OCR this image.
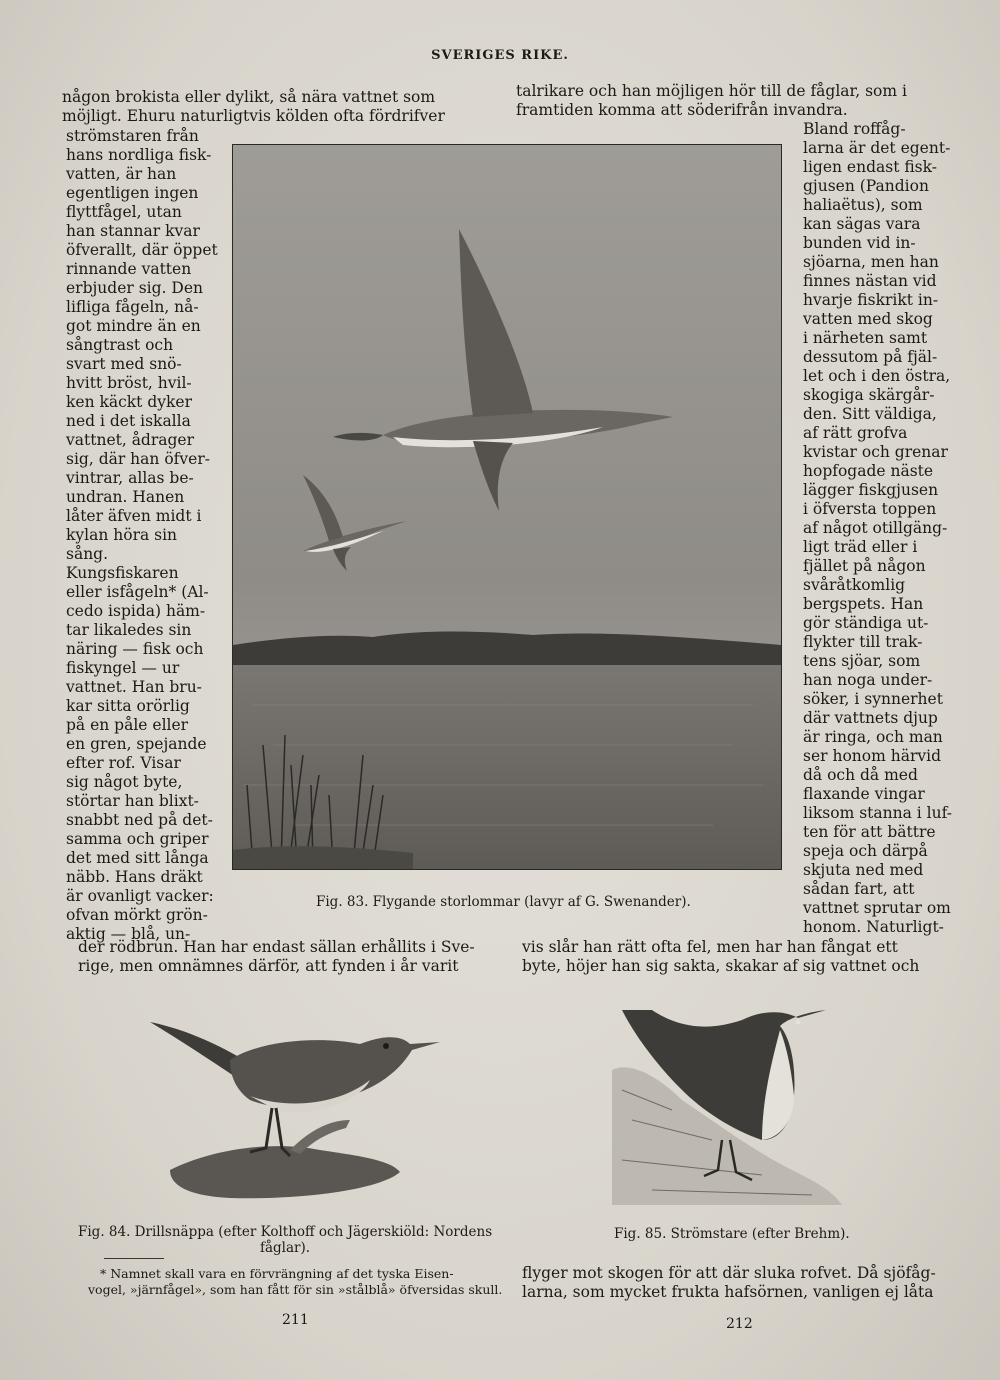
SVERIGES RIKE.
någon brokista eller dylikt, så nära vattnet som
möjligt. Ehuru naturligtvis kölden ofta fördrifver
talrikare och han möjligen hör till de fåglar, som i
framtiden komma att söderifrån invandra.
strömstaren från
hans nordliga fisk-
vatten, är han
egentligen ingen
flyttfågel, utan
han stannar kvar
öfverallt, där öppet
rinnande vatten
erbjuder sig. Den
lifliga fågeln, nå-
got mindre än en
sångtrast och
svart med snö-
hvitt bröst, hvil-
ken käckt dyker
ned i det iskalla
vattnet, ådrager
sig, där han öfver-
vintrar, allas be-
undran. Hanen
låter äfven midt i
kylan höra sin
sång.
Kungsfiskaren
eller isfågeln* (Al-
cedo ispida) häm-
tar likaledes sin
näring — fisk och
fiskyngel — ur
vattnet. Han bru-
kar sitta orörlig
på en påle eller
en gren, spejande
efter rof. Visar
sig något byte,
störtar han blixt-
snabbt ned på det-
samma och griper
det med sitt långa
näbb. Hans dräkt
är ovanligt vacker:
ofvan mörkt grön-
aktig — blå, un-
Bland roffåg-
larna är det egent-
ligen endast fisk-
gjusen (Pandion
haliaëtus), som
kan sägas vara
bunden vid in-
sjöarna, men han
finnes nästan vid
hvarje fiskrikt in-
vatten med skog
i närheten samt
dessutom på fjäl-
let och i den östra,
skogiga skärgår-
den. Sitt väldiga,
af rätt grofva
kvistar och grenar
hopfogade näste
lägger fiskgjusen
i öfversta toppen
af något otillgäng-
ligt träd eller i
fjället på någon
svåråtkomlig
bergspets. Han
gör ständiga ut-
flykter till trak-
tens sjöar, som
han noga under-
söker, i synnerhet
där vattnets djup
är ringa, och man
ser honom härvid
då och då med
flaxande vingar
liksom stanna i luf-
ten för att bättre
speja och därpå
skjuta ned med
sådan fart, att
vattnet sprutar om
honom. Naturligt-
Fig. 83. Flygande storlommar (lavyr af G. Swenander).
der rödbrun. Han har endast sällan erhållits i Sve-
rige, men omnämnes därför, att fynden i år varit
vis slår han rätt ofta fel, men har han fångat ett
byte, höjer han sig sakta, skakar af sig vattnet och
Fig. 84. Drillsnäppa (efter Kolthoff och Jägerskiöld: Nordens
fåglar).
Fig. 85. Strömstare (efter Brehm).
* Namnet skall vara en förvrängning af det tyska Eisen-
vogel, »järnfågel», som han fått för sin »stålblå» öfversidas skull.
flyger mot skogen för att där sluka rofvet. Då sjöfåg-
larna, som mycket frukta hafsörnen, vanligen ej låta
211	212
